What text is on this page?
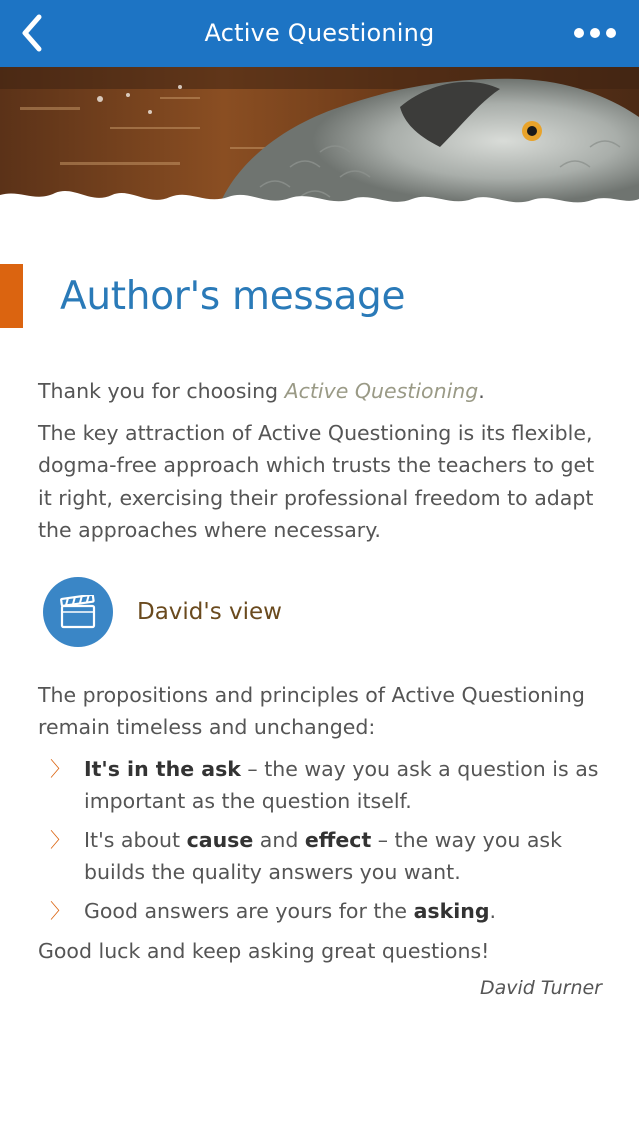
Active Questioning
Author's message

Thank you for choosing Active Questioning.

The key attraction of Active Questioning is its flexible, dogma-free approach which trusts the teachers to get it right, exercising their professional freedom to adapt the approaches where necessary.

David's view

The propositions and principles of Active Questioning remain timeless and unchanged:

〉 It's in the ask – the way you ask a question is as important as the question itself.
〉 It's about cause and effect – the way you ask builds the quality answers you want.
〉 Good answers are yours for the asking.

Good luck and keep asking great questions!

David Turner
